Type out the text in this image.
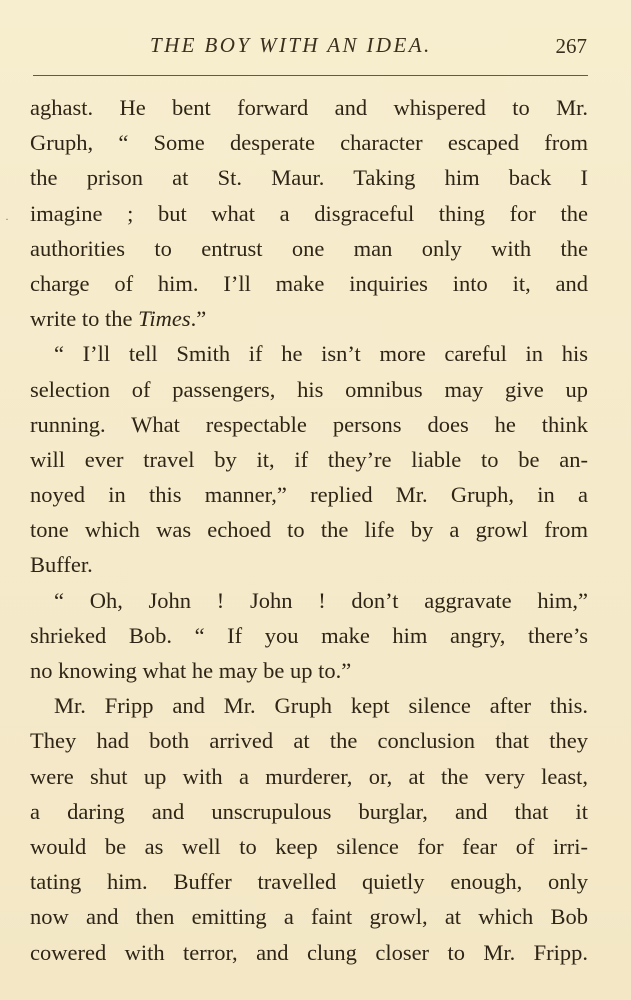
THE BOY WITH AN IDEA.	267
·
aghast. He bent forward and whispered to Mr.
Gruph, “ Some desperate character escaped from
the prison at St. Maur. Taking him back I
imagine ; but what a disgraceful thing for the
authorities to entrust one man only with the
charge of him. I’ll make inquiries into it, and
write to the Times.”
“ I’ll tell Smith if he isn’t more careful in his
selection of passengers, his omnibus may give up
running. What respectable persons does he think
will ever travel by it, if they’re liable to be an-
noyed in this manner,” replied Mr. Gruph, in a
tone which was echoed to the life by a growl from
Buffer.
“ Oh, John ! John ! don’t aggravate him,”
shrieked Bob. “ If you make him angry, there’s
no knowing what he may be up to.”
Mr. Fripp and Mr. Gruph kept silence after this.
They had both arrived at the conclusion that they
were shut up with a murderer, or, at the very least,
a daring and unscrupulous burglar, and that it
would be as well to keep silence for fear of irri-
tating him. Buffer travelled quietly enough, only
now and then emitting a faint growl, at which Bob
cowered with terror, and clung closer to Mr. Fripp.
